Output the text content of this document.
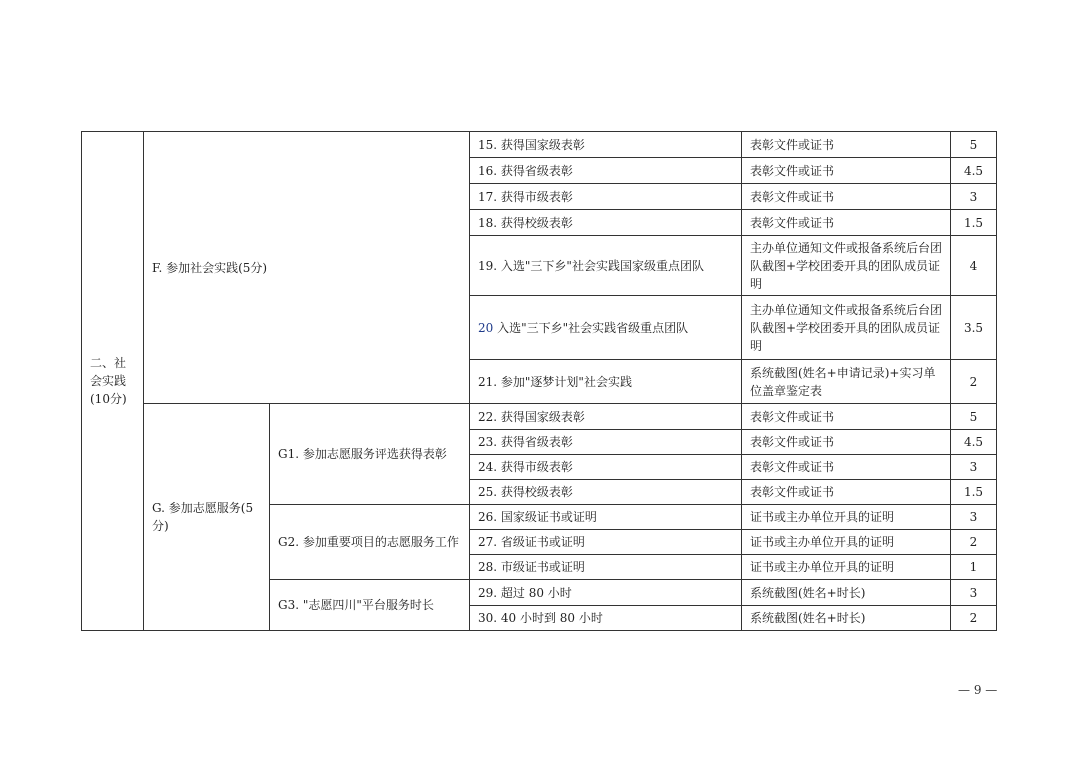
二、社会实践(10分)	F. 参加社会实践(5分)		15. 获得国家级表彰	表彰文件或证书	5
			16. 获得省级表彰	表彰文件或证书	4.5
			17. 获得市级表彰	表彰文件或证书	3
			18. 获得校级表彰	表彰文件或证书	1.5
			19. 入选"三下乡"社会实践国家级重点团队	主办单位通知文件或报备系统后台团队截图+学校团委开具的团队成员证明	4
			20 入选"三下乡"社会实践省级重点团队	主办单位通知文件或报备系统后台团队截图+学校团委开具的团队成员证明	3.5
			21. 参加"逐梦计划"社会实践	系统截图(姓名+申请记录)+实习单位盖章鉴定表	2
	G. 参加志愿服务(5分)	G1. 参加志愿服务评选获得表彰	22. 获得国家级表彰	表彰文件或证书	5
			23. 获得省级表彰	表彰文件或证书	4.5
			24. 获得市级表彰	表彰文件或证书	3
			25. 获得校级表彰	表彰文件或证书	1.5
		G2. 参加重要项目的志愿服务工作	26. 国家级证书或证明	证书或主办单位开具的证明	3
			27. 省级证书或证明	证书或主办单位开具的证明	2
			28. 市级证书或证明	证书或主办单位开具的证明	1
		G3. "志愿四川"平台服务时长	29. 超过 80 小时	系统截图(姓名+时长)	3
			30. 40 小时到 80 小时	系统截图(姓名+时长)	2
— 9 —
